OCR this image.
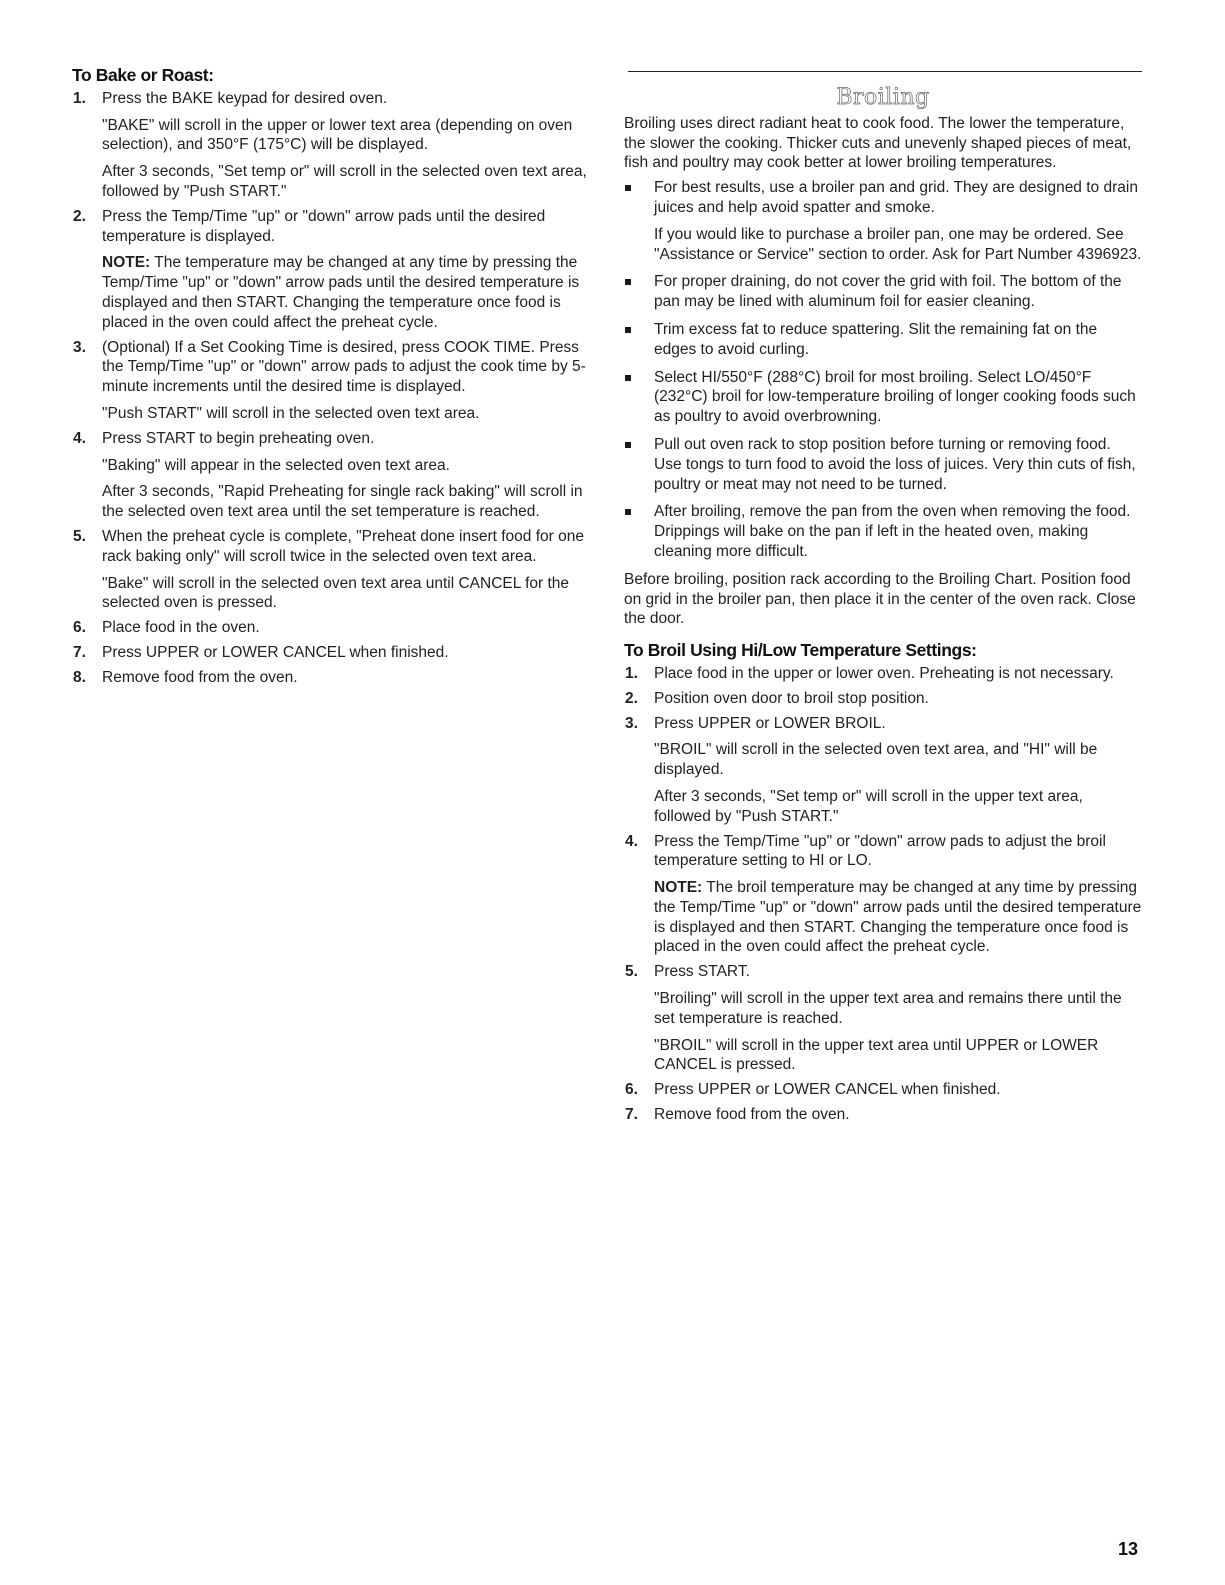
To Bake or Roast:
1. Press the BAKE keypad for desired oven.

"BAKE" will scroll in the upper or lower text area (depending on oven selection), and 350°F (175°C) will be displayed.

After 3 seconds, "Set temp or" will scroll in the selected oven text area, followed by "Push START."

2. Press the Temp/Time "up" or "down" arrow pads until the desired temperature is displayed.

NOTE: The temperature may be changed at any time by pressing the Temp/Time "up" or "down" arrow pads until the desired temperature is displayed and then START. Changing the temperature once food is placed in the oven could affect the preheat cycle.

3. (Optional) If a Set Cooking Time is desired, press COOK TIME. Press the Temp/Time "up" or "down" arrow pads to adjust the cook time by 5-minute increments until the desired time is displayed.

"Push START" will scroll in the selected oven text area.

4. Press START to begin preheating oven.

"Baking" will appear in the selected oven text area.

After 3 seconds, "Rapid Preheating for single rack baking" will scroll in the selected oven text area until the set temperature is reached.

5. When the preheat cycle is complete, "Preheat done insert food for one rack baking only" will scroll twice in the selected oven text area.

"Bake" will scroll in the selected oven text area until CANCEL for the selected oven is pressed.

6. Place food in the oven.
7. Press UPPER or LOWER CANCEL when finished.
8. Remove food from the oven.
Broiling

Broiling uses direct radiant heat to cook food. The lower the temperature, the slower the cooking. Thicker cuts and unevenly shaped pieces of meat, fish and poultry may cook better at lower broiling temperatures.

For best results, use a broiler pan and grid. They are designed to drain juices and help avoid spatter and smoke.

If you would like to purchase a broiler pan, one may be ordered. See "Assistance or Service" section to order. Ask for Part Number 4396923.

For proper draining, do not cover the grid with foil. The bottom of the pan may be lined with aluminum foil for easier cleaning.
Trim excess fat to reduce spattering. Slit the remaining fat on the edges to avoid curling.
Select HI/550°F (288°C) broil for most broiling. Select LO/450°F (232°C) broil for low-temperature broiling of longer cooking foods such as poultry to avoid overbrowning.
Pull out oven rack to stop position before turning or removing food. Use tongs to turn food to avoid the loss of juices. Very thin cuts of fish, poultry or meat may not need to be turned.
After broiling, remove the pan from the oven when removing the food. Drippings will bake on the pan if left in the heated oven, making cleaning more difficult.

Before broiling, position rack according to the Broiling Chart. Position food on grid in the broiler pan, then place it in the center of the oven rack. Close the door.

To Broil Using Hi/Low Temperature Settings:
1. Place food in the upper or lower oven. Preheating is not necessary.
2. Position oven door to broil stop position.
3. Press UPPER or LOWER BROIL.

"BROIL" will scroll in the selected oven text area, and "HI" will be displayed.

After 3 seconds, "Set temp or" will scroll in the upper text area, followed by "Push START."

4. Press the Temp/Time "up" or "down" arrow pads to adjust the broil temperature setting to HI or LO.

NOTE: The broil temperature may be changed at any time by pressing the Temp/Time "up" or "down" arrow pads until the desired temperature is displayed and then START. Changing the temperature once food is placed in the oven could affect the preheat cycle.

5. Press START.

"Broiling" will scroll in the upper text area and remains there until the set temperature is reached.

"BROIL" will scroll in the upper text area until UPPER or LOWER CANCEL is pressed.

6. Press UPPER or LOWER CANCEL when finished.
7. Remove food from the oven.
13
